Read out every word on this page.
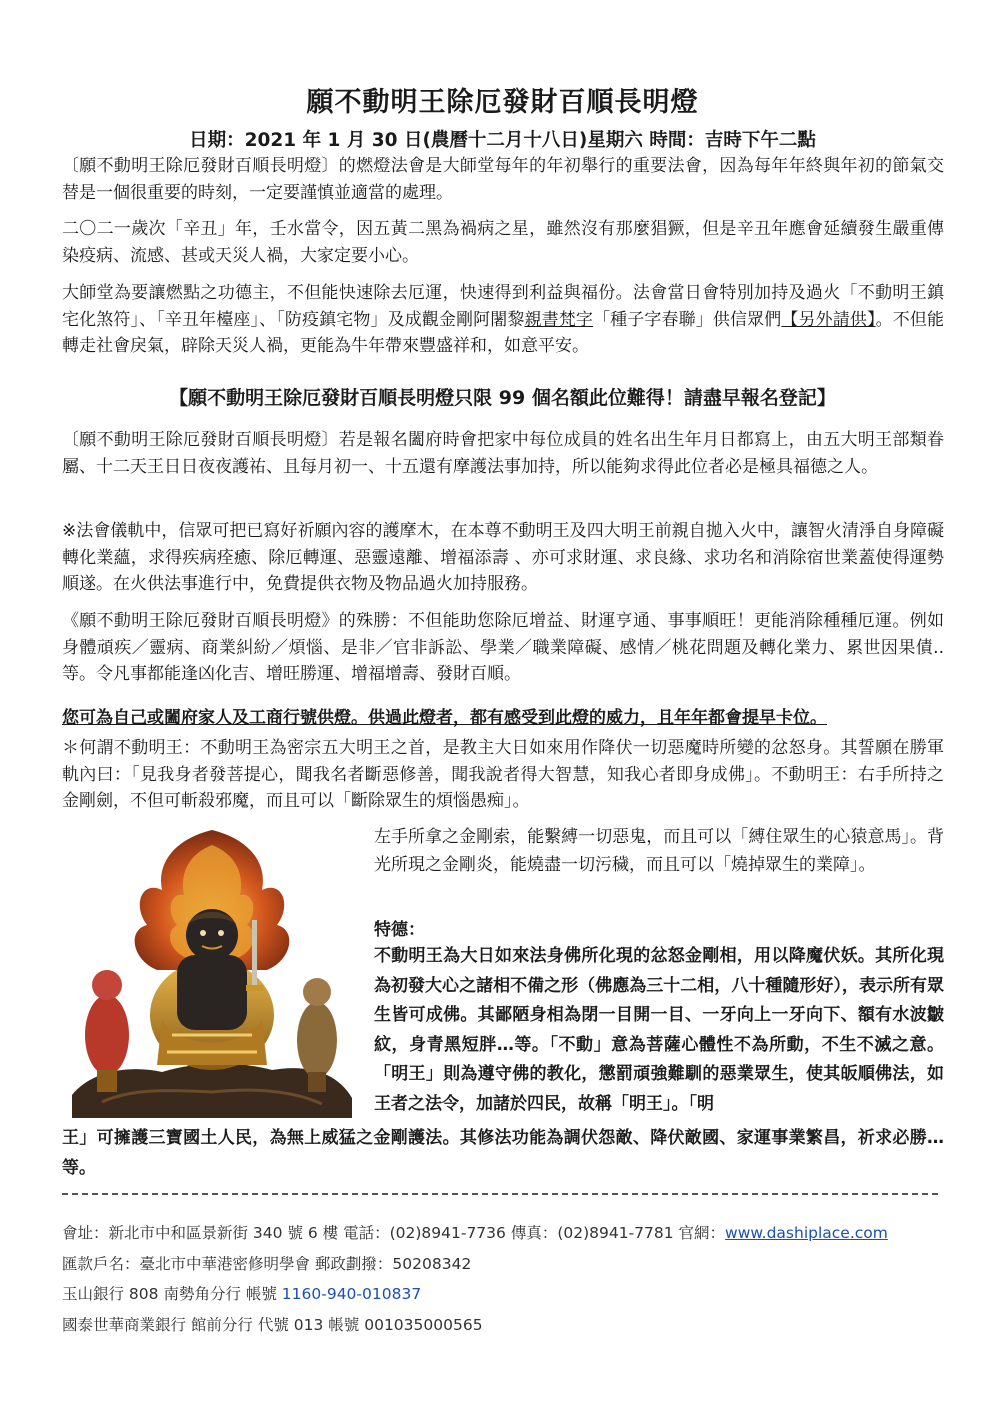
願不動明王除厄發財百順長明燈
日期：2021 年 1 月 30 日(農曆十二月十八日)星期六 時間：吉時下午二點
〔願不動明王除厄發財百順長明燈〕的燃燈法會是大師堂每年的年初舉行的重要法會，因為每年年終與年初的節氣交替是一個很重要的時刻，一定要謹慎並適當的處理。
二〇二一歲次「辛丑」年，壬水當令，因五黃二黑為禍病之星，雖然沒有那麼猖獗，但是辛丑年應會延續發生嚴重傳染疫病、流感、甚或天災人禍，大家定要小心。
大師堂為要讓燃點之功德主，不但能快速除去厄運，快速得到利益與福份。法會當日會特別加持及過火「不動明王鎮宅化煞符」、「辛丑年檯座」、「防疫鎮宅物」及成觀金剛阿闍黎親書梵字「種子字春聯」供信眾們【另外請供】。不但能轉走社會戾氣，辟除天災人禍，更能為牛年帶來豐盛祥和，如意平安。
【願不動明王除厄發財百順長明燈只限 99 個名額此位難得！請盡早報名登記】
〔願不動明王除厄發財百順長明燈〕若是報名闔府時會把家中每位成員的姓名出生年月日都寫上，由五大明王部類眷屬、十二天王日日夜夜護祐、且每月初一、十五還有摩護法事加持，所以能夠求得此位者必是極具福德之人。
※法會儀軌中，信眾可把已寫好祈願內容的護摩木，在本尊不動明王及四大明王前親自拋入火中，讓智火清淨自身障礙轉化業蘊，求得疾病痊癒、除厄轉運、惡靈遠離、增福添壽 、亦可求財運、求良緣、求功名和消除宿世業蓋使得運勢順遂。在火供法事進行中，免費提供衣物及物品過火加持服務。
《願不動明王除厄發財百順長明燈》的殊勝：不但能助您除厄增益、財運亨通、事事順旺！更能消除種種厄運。例如身體頑疾／靈病、商業糾紛／煩惱、是非／官非訴訟、學業／職業障礙、感情／桃花問題及轉化業力、累世因果債.. 等。令凡事都能逢凶化吉、增旺勝運、增福增壽、發財百順。
您可為自己或闔府家人及工商行號供燈。供過此燈者，都有感受到此燈的威力，且年年都會提早卡位。
＊何謂不動明王：不動明王為密宗五大明王之首，是教主大日如來用作降伏一切惡魔時所變的忿怒身。其誓願在勝軍軌內曰：「見我身者發菩提心，聞我名者斷惡修善，聞我說者得大智慧，知我心者即身成佛」。不動明王：右手所持之金剛劍，不但可斬殺邪魔，而且可以「斷除眾生的煩惱愚痴」。
左手所拿之金剛索，能繫縛一切惡鬼，而且可以「縛住眾生的心猿意馬」。背光所現之金剛炎，能燒盡一切污穢，而且可以「燒掉眾生的業障」。
特德：
不動明王為大日如來法身佛所化現的忿怒金剛相，用以降魔伏妖。其所化現為初發大心之諸相不備之形（佛應為三十二相，八十種隨形好），表示所有眾生皆可成佛。其鄙陋身相為閉一目開一目、一牙向上一牙向下、額有水波皺紋，身青黑短胖…等。「不動」意為菩薩心體性不為所動，不生不滅之意。「明王」則為遵守佛的教化，懲罰頑強難馴的惡業眾生，使其皈順佛法，如王者之法令，加諸於四民，故稱「明王」。「明
王」可擁護三寶國土人民，為無上威猛之金剛護法。其修法功能為調伏怨敵、降伏敵國、家運事業繁昌，祈求必勝…等。
會址：新北市中和區景新街 340 號 6 樓 電話：(02)8941-7736 傳真：(02)8941-7781 官網：www.dashiplace.com
匯款戶名：臺北市中華港密修明學會 郵政劃撥：50208342
玉山銀行 808 南勢角分行 帳號 1160-940-010837
國泰世華商業銀行 館前分行 代號 013 帳號 001035000565
